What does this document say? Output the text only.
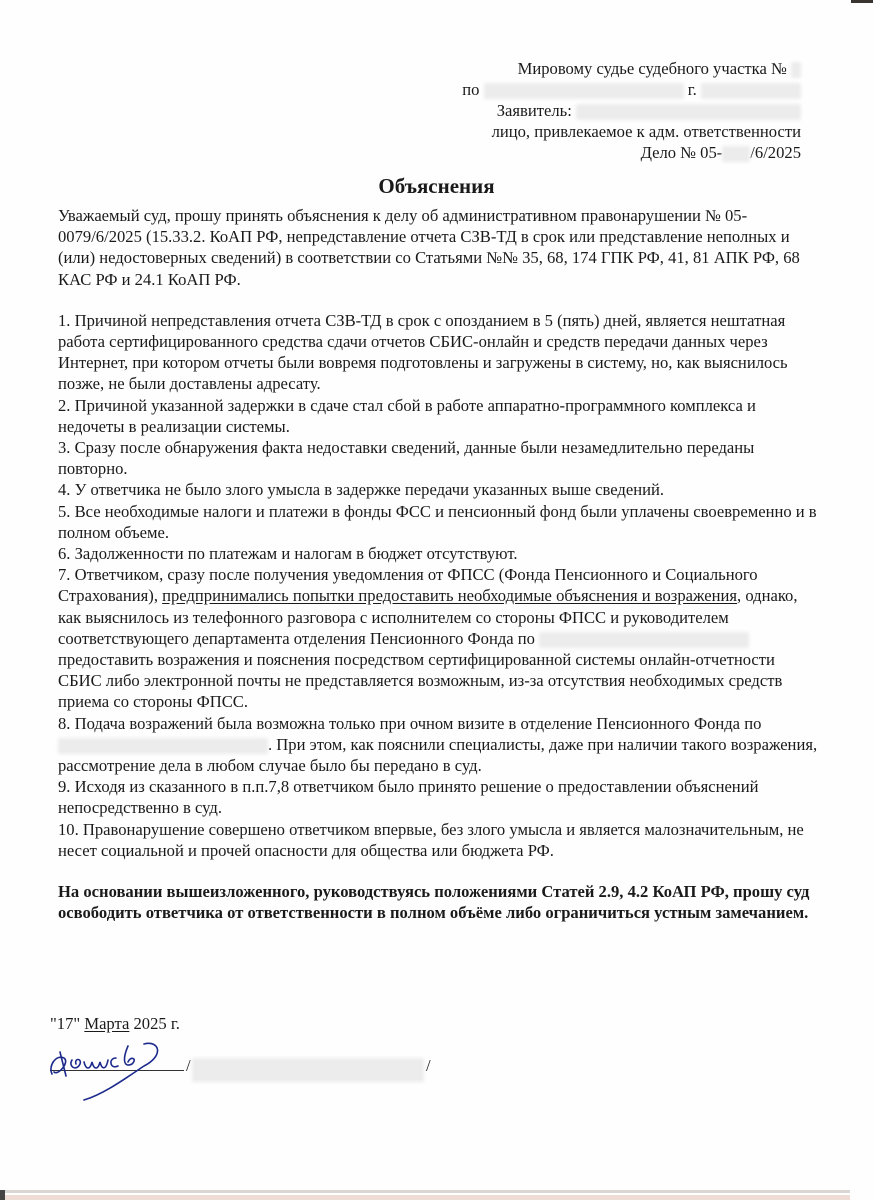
Мировому судье судебного участка №
по	г.
Заявитель:
лицо, привлекаемое к адм. ответственности
Дело № 05- /6/2025
Объяснения

Уважаемый суд, прошу принять объяснения к делу об административном правонарушении № 05-0079/6/2025 (15.33.2. КоАП РФ, непредставление отчета СЗВ-ТД в срок или представление неполных и (или) недостоверных сведений) в соответствии со Статьями №№ 35, 68, 174 ГПК РФ, 41, 81 АПК РФ, 68 КАС РФ и 24.1 КоАП РФ.

1. Причиной непредставления отчета СЗВ-ТД в срок с опозданием в 5 (пять) дней, является нештатная работа сертифицированного средства сдачи отчетов СБИС-онлайн и средств передачи данных через Интернет, при котором отчеты были вовремя подготовлены и загружены в систему, но, как выяснилось позже, не были доставлены адресату.

2. Причиной указанной задержки в сдаче стал сбой в работе аппаратно-программного комплекса и недочеты в реализации системы.

3. Сразу после обнаружения факта недоставки сведений, данные были незамедлительно переданы повторно.

4. У ответчика не было злого умысла в задержке передачи указанных выше сведений.

5. Все необходимые налоги и платежи в фонды ФСС и пенсионный фонд были уплачены своевременно и в полном объеме.

6. Задолженности по платежам и налогам в бюджет отсутствуют.

7. Ответчиком, сразу после получения уведомления от ФПСС (Фонда Пенсионного и Социального Страхования), предпринимались попытки предоставить необходимые объяснения и возражения, однако, как выяснилось из телефонного разговора с исполнителем со стороны ФПСС и руководителем соответствующего департамента отделения Пенсионного Фонда по  предоставить возражения и пояснения посредством сертифицированной системы онлайн-отчетности СБИС либо электронной почты не представляется возможным, из-за отсутствия необходимых средств приема со стороны ФПСС.

8. Подача возражений была возможна только при очном визите в отделение Пенсионного Фонда по . При этом, как пояснили специалисты, даже при наличии такого возражения, рассмотрение дела в любом случае было бы передано в суд.

9. Исходя из сказанного в п.п.7,8 ответчиком было принято решение о предоставлении объяснений непосредственно в суд.

10. Правонарушение совершено ответчиком впервые, без злого умысла и является малозначительным, не несет социальной и прочей опасности для общества или бюджета РФ.

На основании вышеизложенного, руководствуясь положениями Статей 2.9, 4.2 КоАП РФ, прошу суд освободить ответчика от ответственности в полном объёме либо ограничиться устным замечанием.

"17" Марта 2025 г.
/	/
